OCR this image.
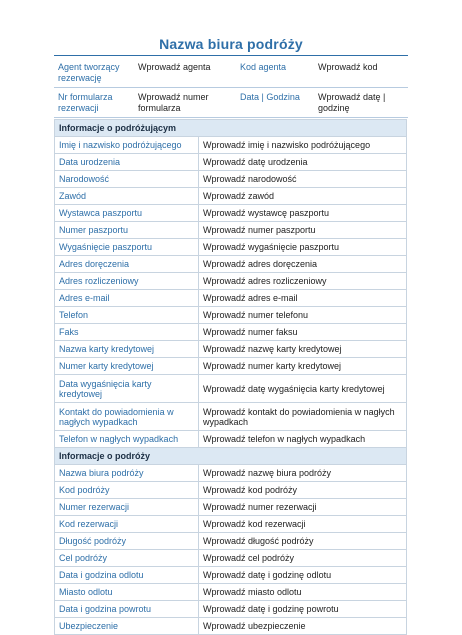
Nazwa biura podróży
Agent tworzący rezerwację	Wprowadź agenta	Kod agenta	Wprowadź kod
Nr formularza rezerwacji	Wprowadź numer formularza	Data | Godzina	Wprowadź datę | godzinę
Informacje o podróżującym	
Imię i nazwisko podróżującego	Wprowadź imię i nazwisko podróżującego
Data urodzenia	Wprowadź datę urodzenia
Narodowość	Wprowadź narodowość
Zawód	Wprowadź zawód
Wystawca paszportu	Wprowadź wystawcę paszportu
Numer paszportu	Wprowadź numer paszportu
Wygaśnięcie paszportu	Wprowadź wygaśnięcie paszportu
Adres doręczenia	Wprowadź adres doręczenia
Adres rozliczeniowy	Wprowadź adres rozliczeniowy
Adres e-mail	Wprowadź adres e-mail
Telefon	Wprowadź numer telefonu
Faks	Wprowadź numer faksu
Nazwa karty kredytowej	Wprowadź nazwę karty kredytowej
Numer karty kredytowej	Wprowadź numer karty kredytowej
Data wygaśnięcia karty kredytowej	Wprowadź datę wygaśnięcia karty kredytowej
Kontakt do powiadomienia w nagłych wypadkach	Wprowadź kontakt do powiadomienia w nagłych wypadkach
Telefon w nagłych wypadkach	Wprowadź telefon w nagłych wypadkach
Informacje o podróży	
Nazwa biura podróży	Wprowadź nazwę biura podróży
Kod podróży	Wprowadź kod podróży
Numer rezerwacji	Wprowadź numer rezerwacji
Kod rezerwacji	Wprowadź kod rezerwacji
Długość podróży	Wprowadź długość podróży
Cel podróży	Wprowadź cel podróży
Data i godzina odlotu	Wprowadź datę i godzinę odlotu
Miasto odlotu	Wprowadź miasto odlotu
Data i godzina powrotu	Wprowadź datę i godzinę powrotu
Ubezpieczenie	Wprowadź ubezpieczenie
